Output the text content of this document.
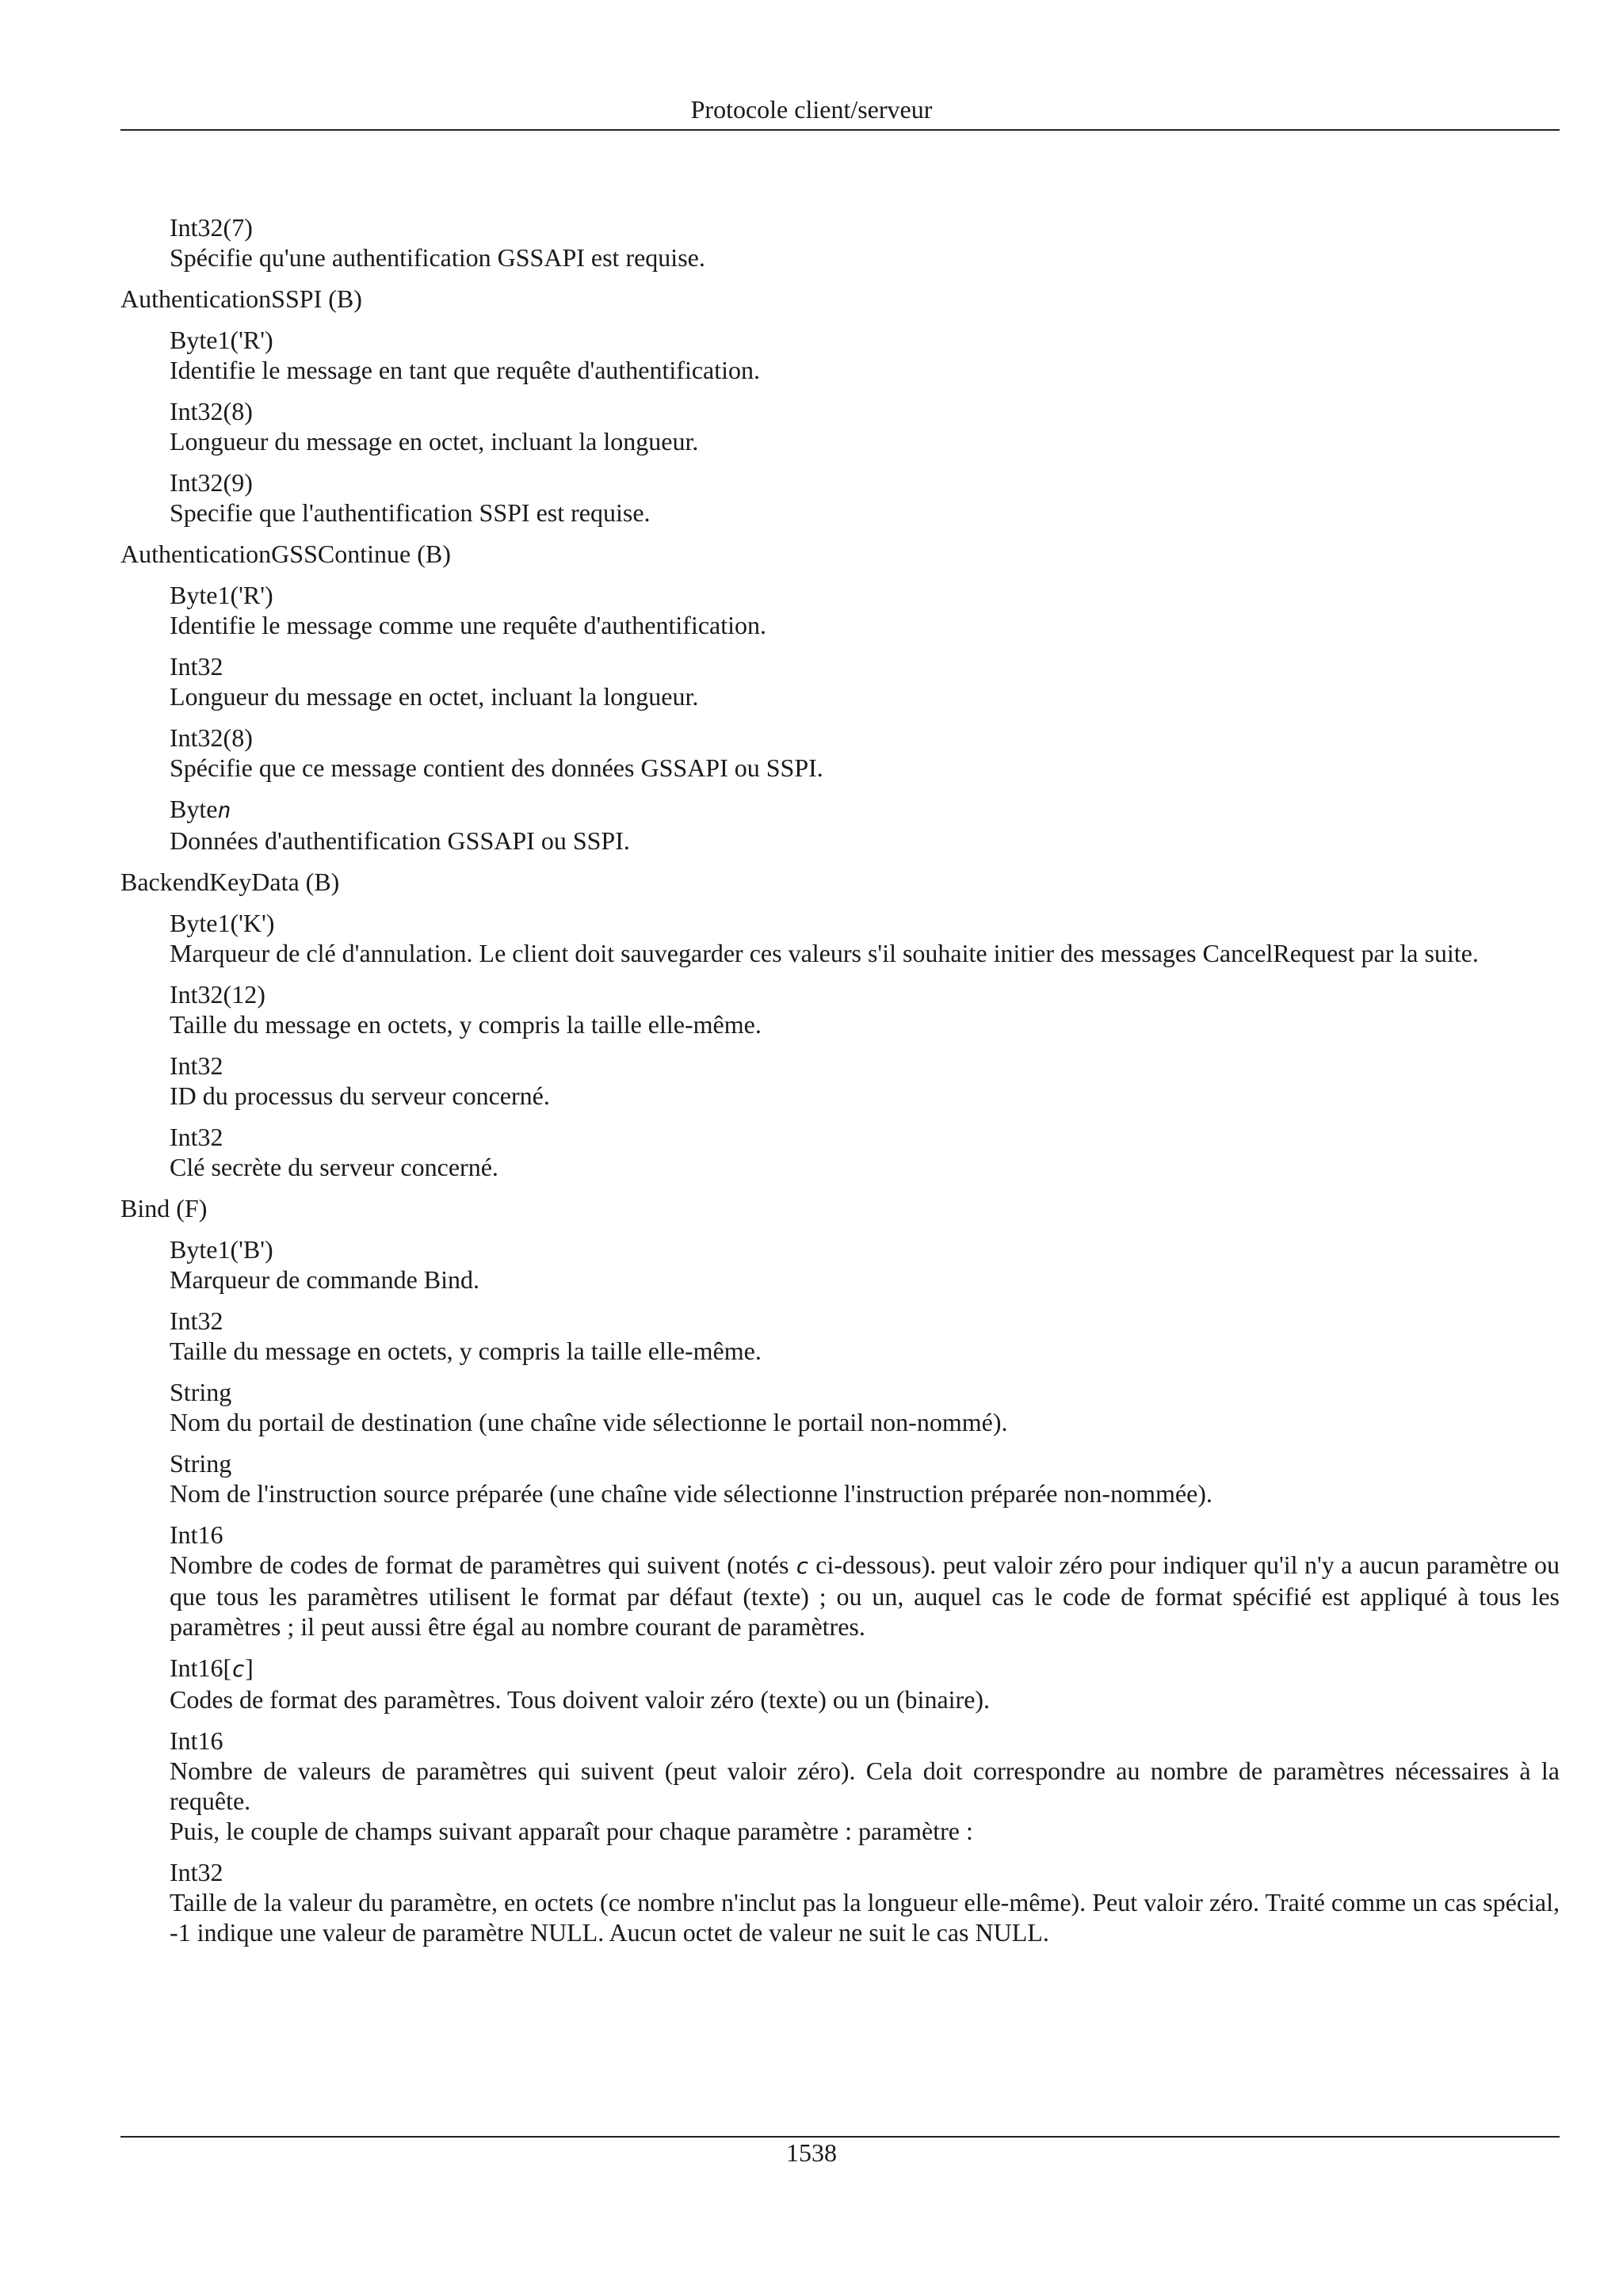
Protocole client/serveur
Int32(7)
Spécifie qu'une authentification GSSAPI est requise.
AuthenticationSSPI (B)
Byte1('R')
Identifie le message en tant que requête d'authentification.
Int32(8)
Longueur du message en octet, incluant la longueur.
Int32(9)
Specifie que l'authentification SSPI est requise.
AuthenticationGSSContinue (B)
Byte1('R')
Identifie le message comme une requête d'authentification.
Int32
Longueur du message en octet, incluant la longueur.
Int32(8)
Spécifie que ce message contient des données GSSAPI ou SSPI.
Byten
Données d'authentification GSSAPI ou SSPI.
BackendKeyData (B)
Byte1('K')
Marqueur de clé d'annulation. Le client doit sauvegarder ces valeurs s'il souhaite initier des messages CancelRequest par la suite.
Int32(12)
Taille du message en octets, y compris la taille elle-même.
Int32
ID du processus du serveur concerné.
Int32
Clé secrète du serveur concerné.
Bind (F)
Byte1('B')
Marqueur de commande Bind.
Int32
Taille du message en octets, y compris la taille elle-même.
String
Nom du portail de destination (une chaîne vide sélectionne le portail non-nommé).
String
Nom de l'instruction source préparée (une chaîne vide sélectionne l'instruction préparée non-nommée).
Int16
Nombre de codes de format de paramètres qui suivent (notés c ci-dessous). peut valoir zéro pour indiquer qu'il n'y a aucun paramètre ou que tous les paramètres utilisent le format par défaut (texte) ; ou un, auquel cas le code de format spécifié est appliqué à tous les paramètres ; il peut aussi être égal au nombre courant de paramètres.
Int16[c]
Codes de format des paramètres. Tous doivent valoir zéro (texte) ou un (binaire).
Int16
Nombre de valeurs de paramètres qui suivent (peut valoir zéro). Cela doit correspondre au nombre de paramètres nécessaires à la requête.
Puis, le couple de champs suivant apparaît pour chaque paramètre : paramètre :
Int32
Taille de la valeur du paramètre, en octets (ce nombre n'inclut pas la longueur elle-même). Peut valoir zéro. Traité comme un cas spécial, -1 indique une valeur de paramètre NULL. Aucun octet de valeur ne suit le cas NULL.
1538
